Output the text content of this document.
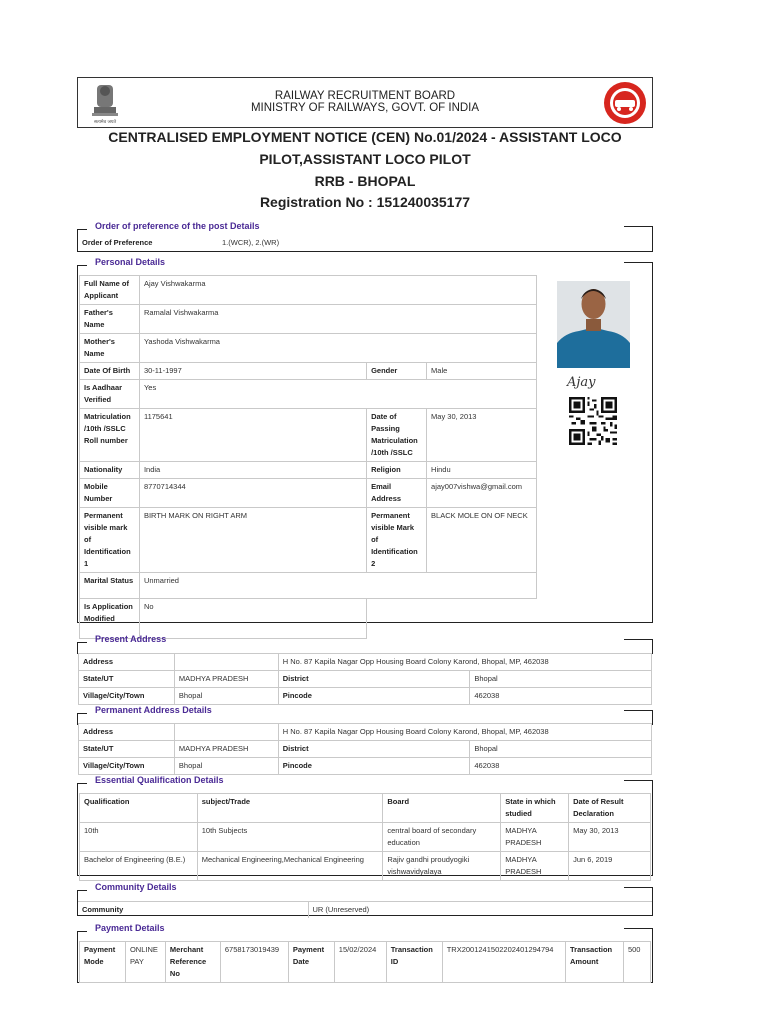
सत्यमेव जयते
RAILWAY RECRUITMENT BOARD
MINISTRY OF RAILWAYS, GOVT. OF INDIA
CENTRALISED EMPLOYMENT NOTICE (CEN) No.01/2024 - ASSISTANT LOCO
PILOT,ASSISTANT LOCO PILOT
RRB - BHOPAL
Registration No : 151240035177
Order of preference of the post Details
Order of Preference	1.(WCR), 2.(WR)
Personal Details
Full Name of Applicant	Ajay Vishwakarma		
Father's Name	Ramalal Vishwakarma		
Mother's Name	Yashoda Vishwakarma		
Date Of Birth	30-11-1997	Gender	Male
Is Aadhaar Verified	Yes		
Matriculation /10th /SSLC Roll number	1175641	Date of Passing Matriculation /10th /SSLC	May 30, 2013
Nationality	India	Religion	Hindu
Mobile Number	8770714344	Email Address	ajay007vishwa@gmail.com
Permanent visible mark of Identification 1	BIRTH MARK ON RIGHT ARM	Permanent visible Mark of Identification 2	BLACK MOLE ON OF NECK
Marital Status	Unmarried		
Is Application Modified	No		
Ajay
Present Address
Address		H No. 87 Kapila Nagar Opp Housing Board Colony Karond, Bhopal, MP, 462038	
State/UT	MADHYA PRADESH	District	Bhopal
Village/City/Town	Bhopal	Pincode	462038
Permanent Address Details
Address		H No. 87 Kapila Nagar Opp Housing Board Colony Karond, Bhopal, MP, 462038	
State/UT	MADHYA PRADESH	District	Bhopal
Village/City/Town	Bhopal	Pincode	462038
Essential Qualification Details
Qualification	subject/Trade	Board	State in which studied	Date of Result Declaration
10th	10th Subjects	central board of secondary education	MADHYA PRADESH	May 30, 2013
Bachelor of Engineering (B.E.)	Mechanical Engineering,Mechanical Engineering	Rajiv gandhi proudyogiki vishwavidyalaya	MADHYA PRADESH	Jun 6, 2019
Community Details
Community	UR (Unreserved)
Payment Details
Payment Mode	ONLINE PAY	Merchant Reference No	6758173019439	Payment Date	15/02/2024	Transaction ID	TRX20012415022024012947​94	Transaction Amount	500
